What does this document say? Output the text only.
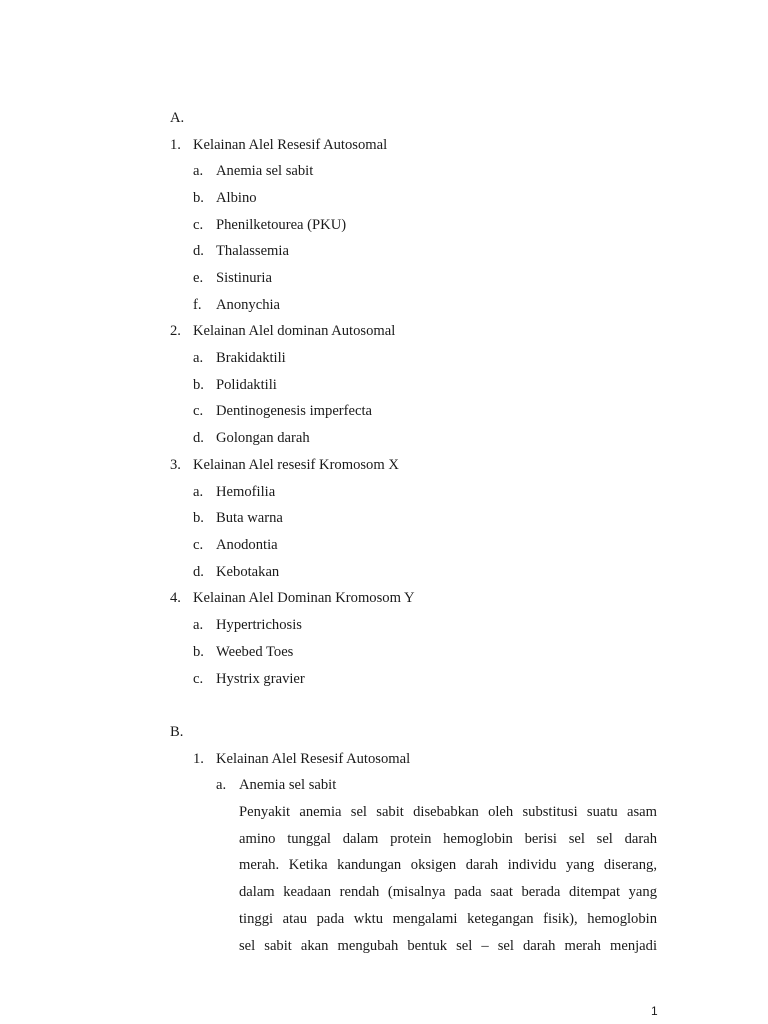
A.
1. Kelainan Alel Resesif Autosomal
a. Anemia sel sabit
b. Albino
c. Phenilketourea (PKU)
d. Thalassemia
e. Sistinuria
f. Anonychia
2. Kelainan Alel dominan Autosomal
a. Brakidaktili
b. Polidaktili
c. Dentinogenesis imperfecta
d. Golongan darah
3. Kelainan Alel resesif Kromosom X
a. Hemofilia
b. Buta warna
c. Anodontia
d. Kebotakan
4. Kelainan Alel Dominan Kromosom Y
a. Hypertrichosis
b. Weebed Toes
c. Hystrix gravier
B.
1. Kelainan Alel Resesif Autosomal
a. Anemia sel sabit
Penyakit anemia sel sabit disebabkan oleh substitusi suatu asam
amino tunggal dalam protein hemoglobin berisi sel sel darah
merah. Ketika kandungan oksigen darah individu yang diserang,
dalam keadaan rendah (misalnya pada saat berada ditempat yang
tinggi atau pada wktu mengalami ketegangan fisik), hemoglobin
sel sabit akan mengubah bentuk sel – sel darah merah menjadi
1
